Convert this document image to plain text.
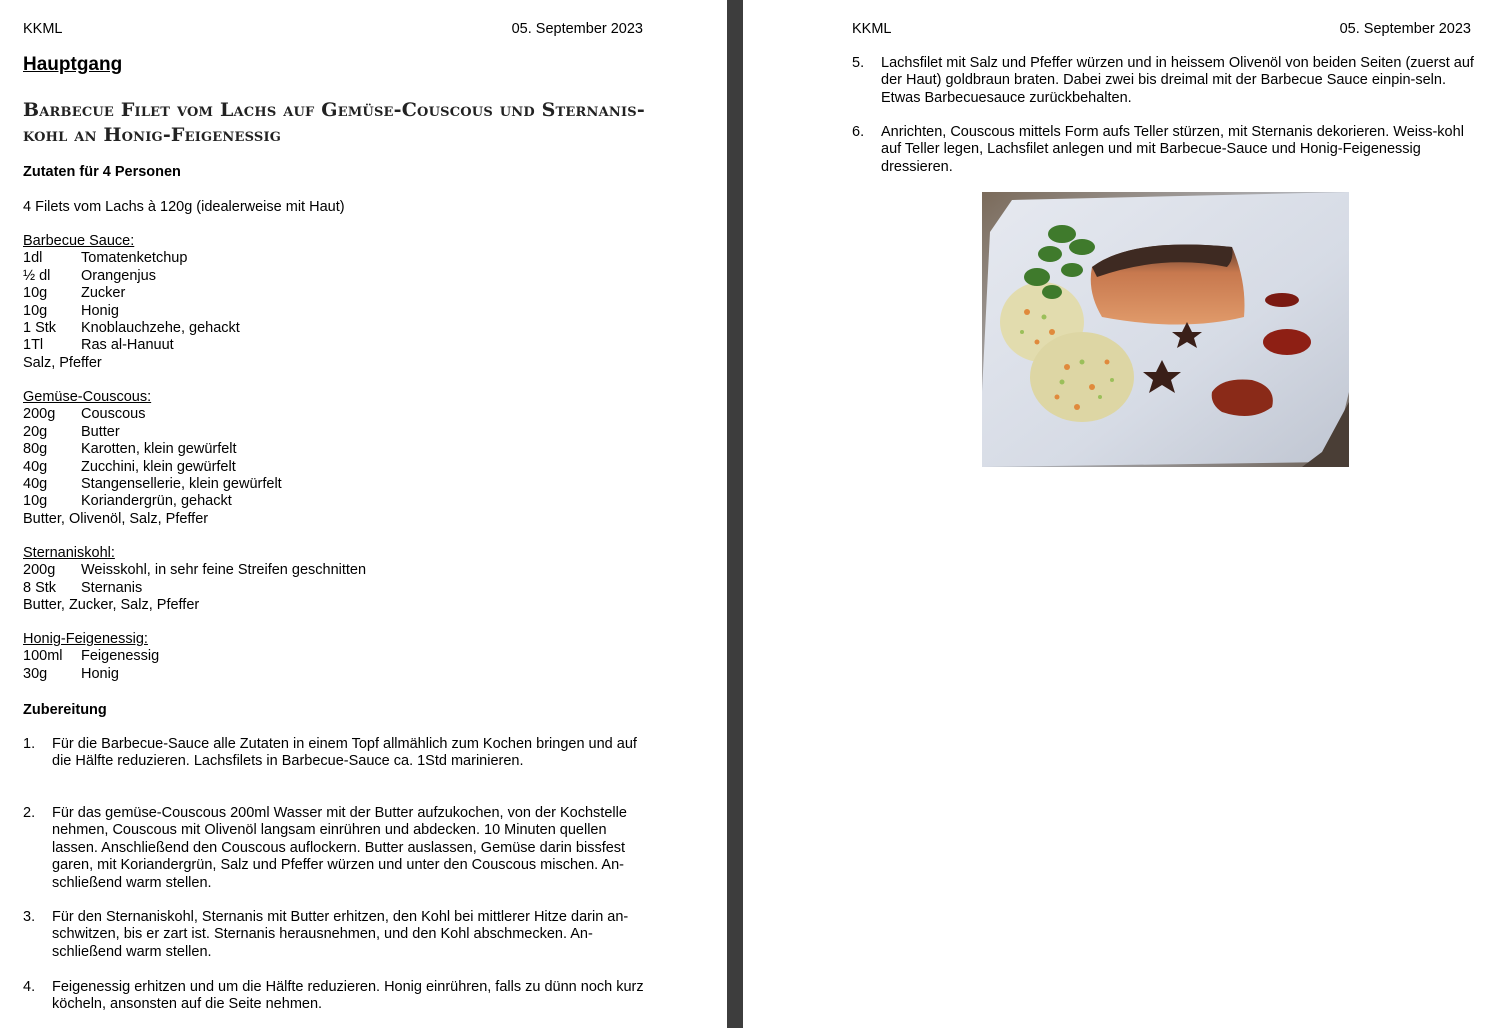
KKML	05. September 2023
Hauptgang
Barbecue Filet vom Lachs auf Gemüse-Couscous und Sternanis-kohl an Honig-Feigenessig
Zutaten für 4 Personen
4 Filets vom Lachs à 120g (idealerweise mit Haut)
Barbecue Sauce:
1dl	Tomatenketchup
½ dl	Orangenjus
10g	Zucker
10g	Honig
1 Stk	Knoblauchzehe, gehackt
1Tl	Ras al-Hanuut
Salz, Pfeffer
Gemüse-Couscous:
200g	Couscous
20g	Butter
80g	Karotten, klein gewürfelt
40g	Zucchini, klein gewürfelt
40g	Stangensellerie, klein gewürfelt
10g	Koriandergrün, gehackt
Butter, Olivenöl, Salz, Pfeffer
Sternaniskohl:
200g	Weisskohl, in sehr feine Streifen geschnitten
8 Stk	Sternanis
Butter, Zucker, Salz, Pfeffer
Honig-Feigenessig:
100ml	Feigenessig
30g	Honig
Zubereitung
1.	Für die Barbecue-Sauce alle Zutaten in einem Topf allmählich zum Kochen bringen und auf die Hälfte reduzieren. Lachsfilets in Barbecue-Sauce ca. 1Std marinieren.
2.	Für das gemüse-Couscous 200ml Wasser mit der Butter aufzukochen, von der Kochstelle nehmen, Couscous mit Olivenöl langsam einrühren und abdecken. 10 Minuten quellen lassen. Anschließend den Couscous auflockern. Butter auslassen, Gemüse darin bissfest garen, mit Koriandergrün, Salz und Pfeffer würzen und unter den Couscous mischen. An-schließend warm stellen.
3.	Für den Sternaniskohl, Sternanis mit Butter erhitzen, den Kohl bei mittlerer Hitze darin an-schwitzen, bis er zart ist. Sternanis herausnehmen, und den Kohl abschmecken. An-schließend warm stellen.
4.	Feigenessig erhitzen und um die Hälfte reduzieren. Honig einrühren, falls zu dünn noch kurz köcheln, ansonsten auf die Seite nehmen.
KKML	05. September 2023
5.	Lachsfilet mit Salz und Pfeffer würzen und in heissem Olivenöl von beiden Seiten (zuerst auf der Haut) goldbraun braten. Dabei zwei bis dreimal mit der Barbecue Sauce einpin-seln. Etwas Barbecuesauce zurückbehalten.
6.	Anrichten, Couscous mittels Form aufs Teller stürzen, mit Sternanis dekorieren. Weiss-kohl auf Teller legen, Lachsfilet anlegen und mit Barbecue-Sauce und Honig-Feigenessig dressieren.
